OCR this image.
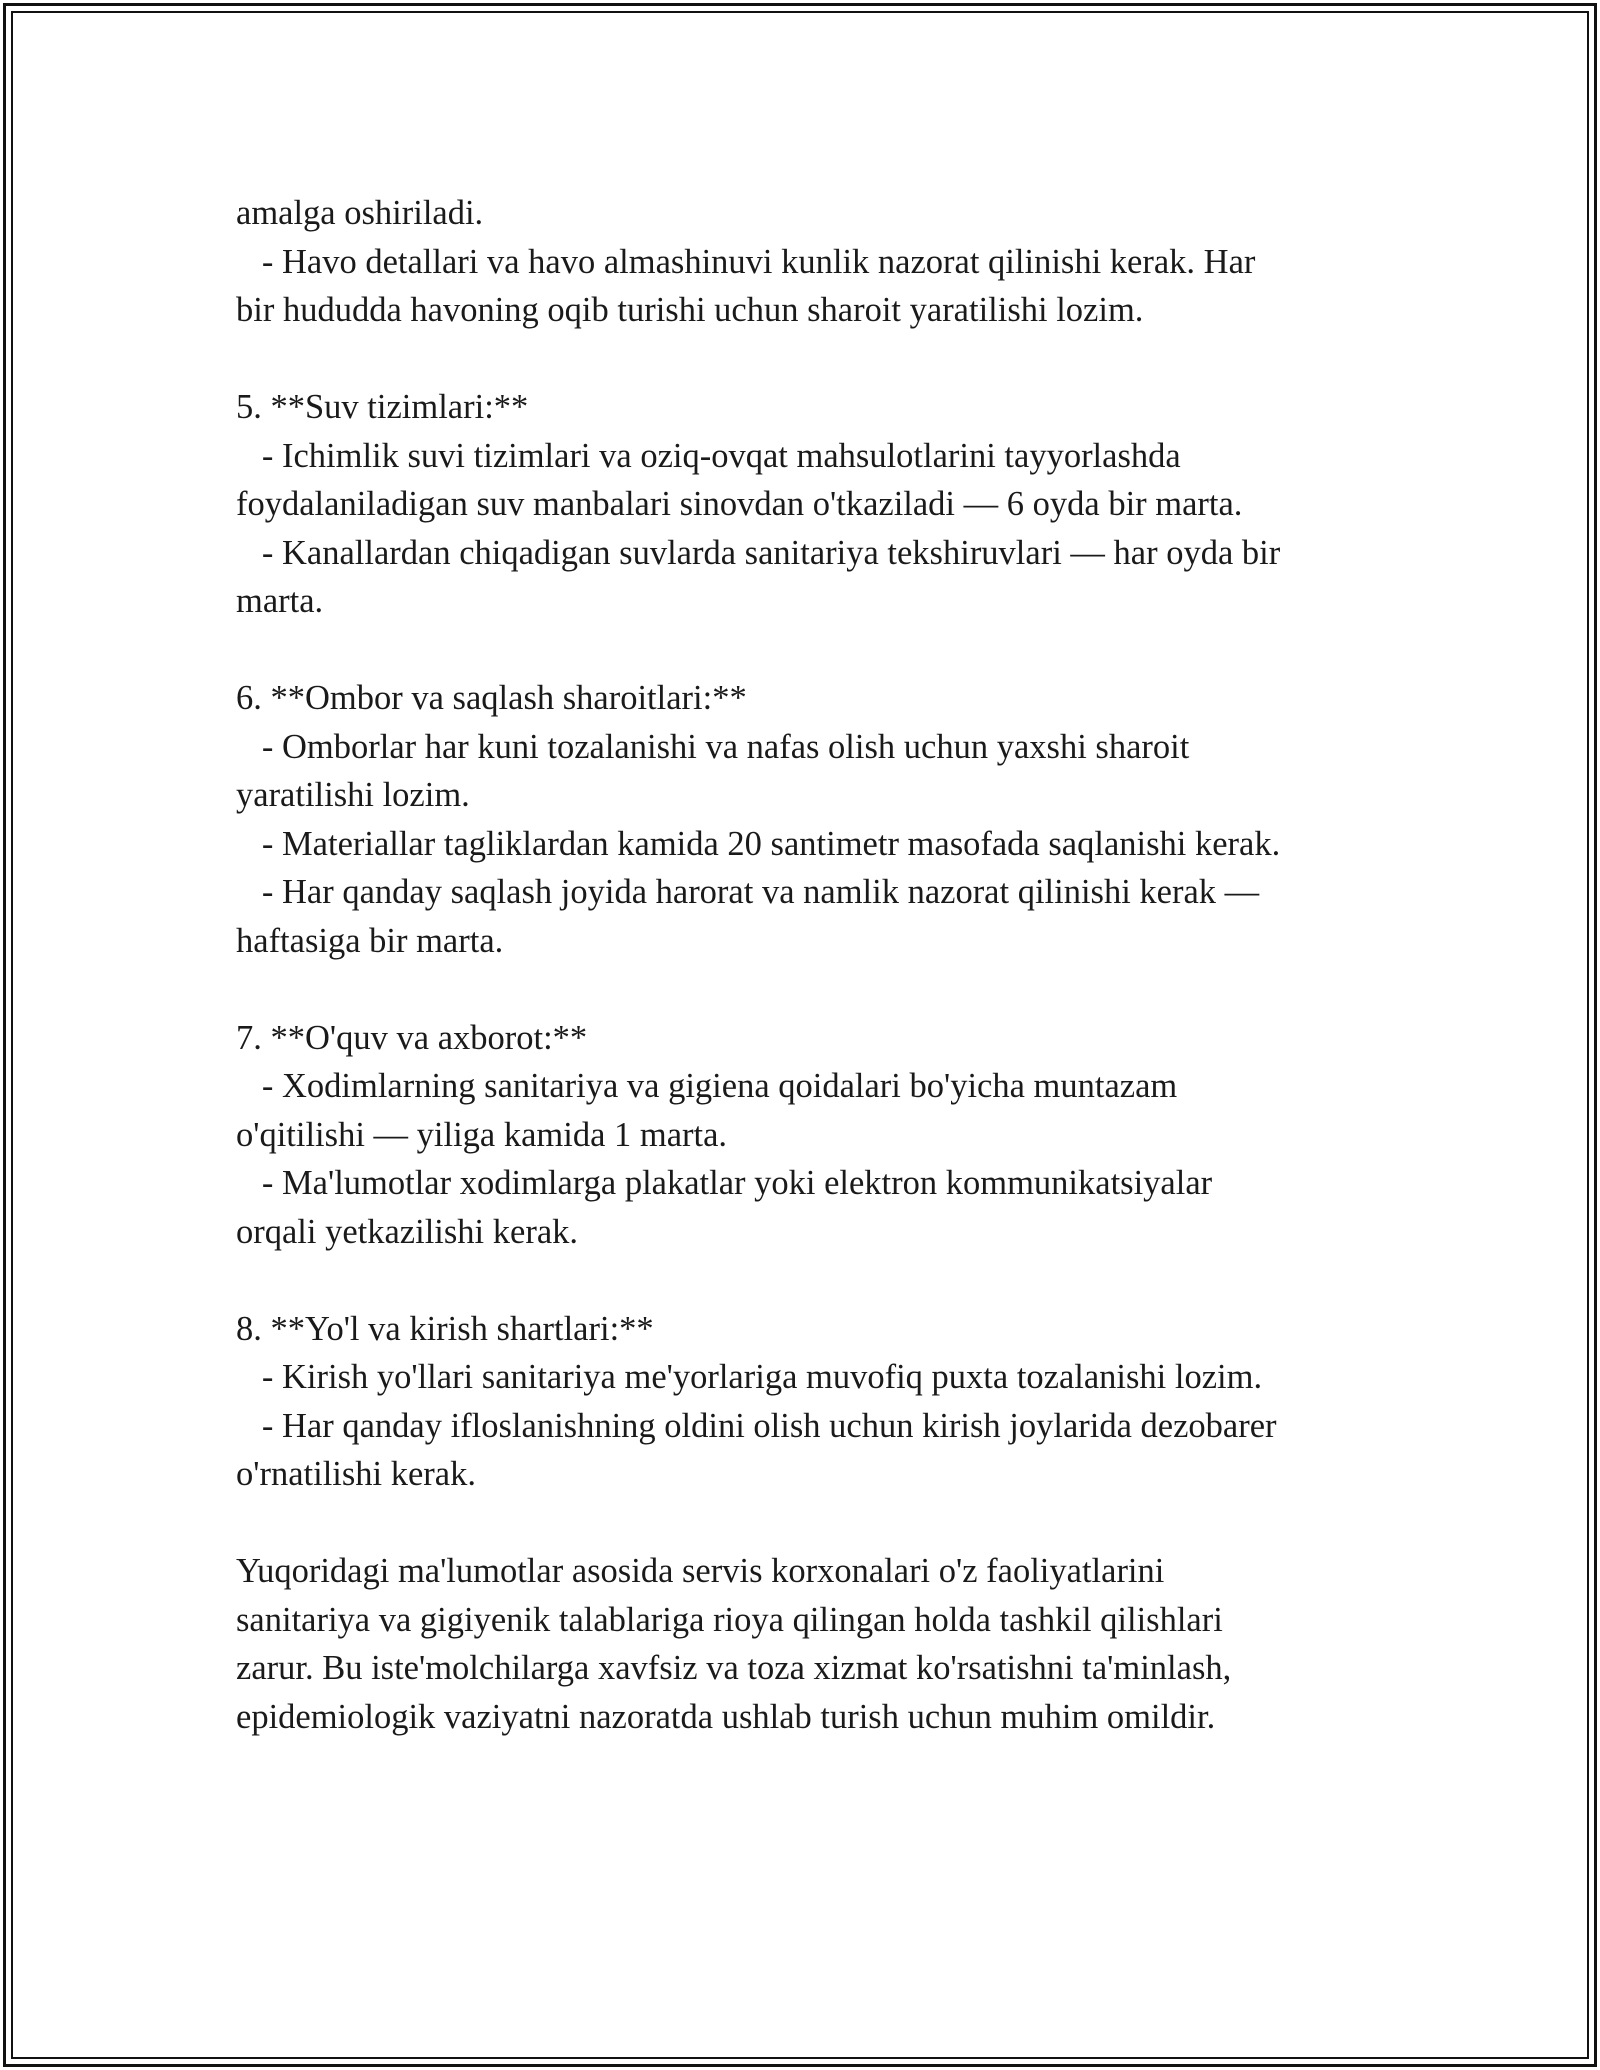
amalga oshiriladi.

- Havo detallari va havo almashinuvi kunlik nazorat qilinishi kerak. Har

bir hududda havoning oqib turishi uchun sharoit yaratilishi lozim.

5. **Suv tizimlari:**

- Ichimlik suvi tizimlari va oziq-ovqat mahsulotlarini tayyorlashda

foydalaniladigan suv manbalari sinovdan o'tkaziladi — 6 oyda bir marta.

- Kanallardan chiqadigan suvlarda sanitariya tekshiruvlari — har oyda bir

marta.

6. **Ombor va saqlash sharoitlari:**

- Omborlar har kuni tozalanishi va nafas olish uchun yaxshi sharoit

yaratilishi lozim.

- Materiallar tagliklardan kamida 20 santimetr masofada saqlanishi kerak.

- Har qanday saqlash joyida harorat va namlik nazorat qilinishi kerak —

haftasiga bir marta.

7. **O'quv va axborot:**

- Xodimlarning sanitariya va gigiena qoidalari bo'yicha muntazam

o'qitilishi — yiligа kamida 1 marta.

- Ma'lumotlar xodimlarga plakatlar yoki elektron kommunikatsiyalar

orqali yetkazilishi kerak.

8. **Yo'l va kirish shartlari:**

- Kirish yo'llari sanitariya me'yorlariga muvofiq puxta tozalanishi lozim.

- Har qanday ifloslanishning oldini olish uchun kirish joylarida dezobarer

o'rnatilishi kerak.

Yuqoridagi ma'lumotlar asosida servis korxonalari o'z faoliyatlarini

sanitariya va gigiyenik talablariga rioya qilingan holda tashkil qilishlari

zarur. Bu iste'molchilarga xavfsiz va toza xizmat ko'rsatishni ta'minlash,

epidemiologik vaziyatni nazoratda ushlab turish uchun muhim omildir.
